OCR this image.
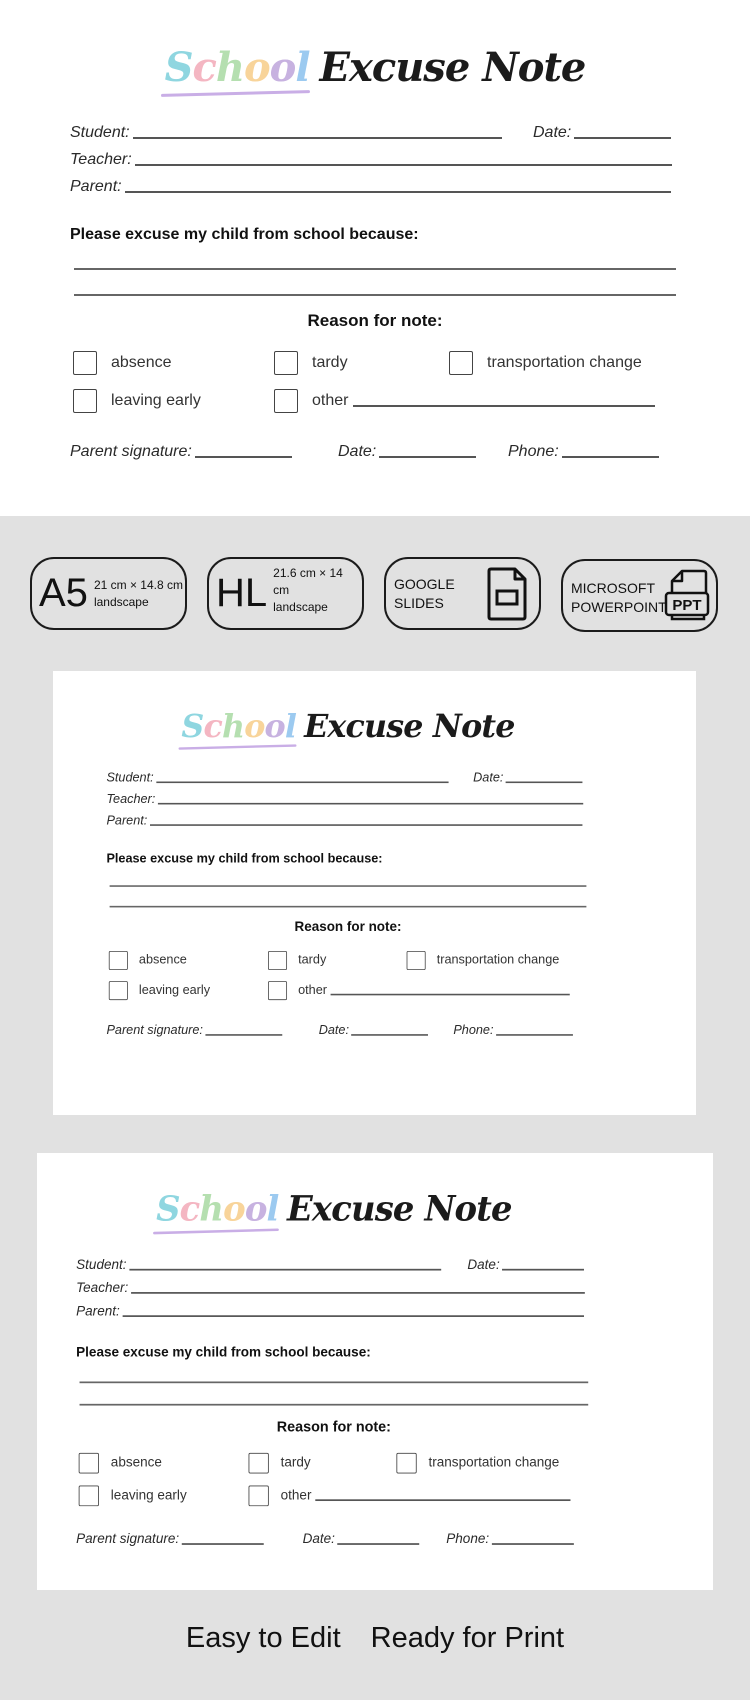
School Excuse Note
Student:	Date:
Teacher:
Parent:
Please excuse my child from school because:
Reason for note:
absence	tardy	transportation change
leaving early	other
Parent signature:	Date:	Phone:
School Excuse Note
Student:	Date:
Teacher:
Parent:
Please excuse my child from school because:
Reason for note:
absence	tardy	transportation change
leaving early	other
Parent signature:	Date:	Phone:
School Excuse Note
Student:	Date:
Teacher:
Parent:
Please excuse my child from school because:
Reason for note:
absence	tardy	transportation change
leaving early	other
Parent signature:	Date:	Phone:
A5 21 cm × 14.8 cm
landscape	HL 21.6 cm × 14 cm
landscape
GOOGLE
SLIDES
MICROSOFT
POWERPOINT PPT
Easy to Edit Ready for Print
